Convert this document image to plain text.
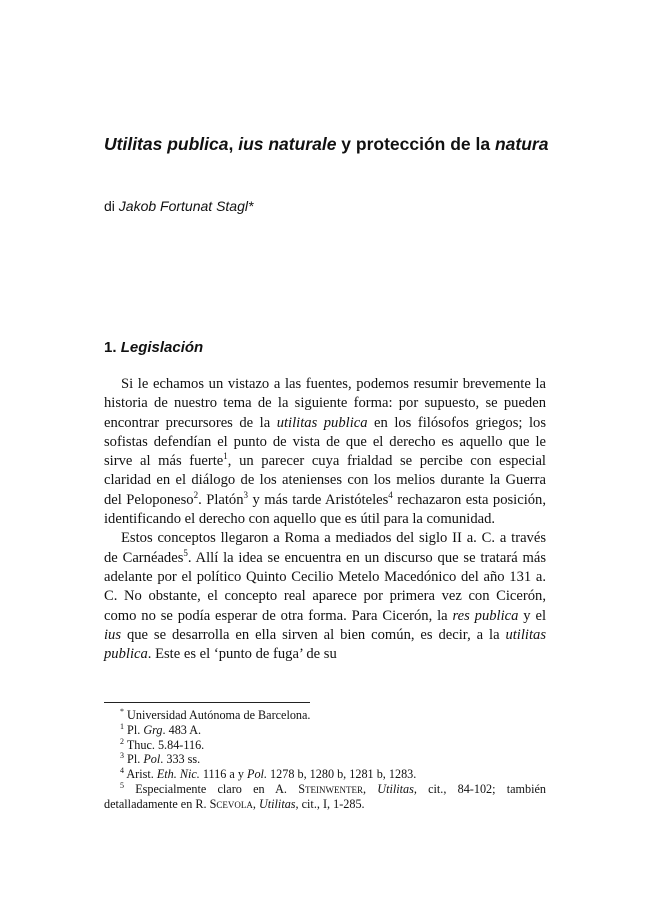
Utilitas publica, ius naturale y protección de la natura

di Jakob Fortunat Stagl*

1. Legislación

Si le echamos un vistazo a las fuentes, podemos resumir brevemente la historia de nuestro tema de la siguiente forma: por supuesto, se pueden encontrar precursores de la utilitas publica en los filósofos griegos; los sofistas defendían el punto de vista de que el derecho es aquello que le sirve al más fuerte$^1$, un parecer cuya frialdad se percibe con especial claridad en el diálogo de los atenienses con los melios durante la Guerra del Peloponeso$^2$. Platón$^3$ y más tarde Aristóteles$^4$ rechazaron esta posición, identificando el derecho con aquello que es útil para la comunidad.

Estos conceptos llegaron a Roma a mediados del siglo II a. C. a través de Carnéades$^5$. Allí la idea se encuentra en un discurso que se tratará más adelante por el político Quinto Cecilio Metelo Macedónico del año 131 a. C. No obstante, el concepto real aparece por primera vez con Cicerón, como no se podía esperar de otra forma. Para Cicerón, la res publica y el ius que se desarrolla en ella sirven al bien común, es decir, a la utilitas publica. Este es el ‘punto de fuga’ de su

* Universidad Autónoma de Barcelona.

$^1$ Pl. Grg. 483 A.

$^2$ Thuc. 5.84-116.

$^3$ Pl. Pol. 333 ss.

$^4$ Arist. Eth. Nic. 1116 a y Pol. 1278 b, 1280 b, 1281 b, 1283.

$^5$ Especialmente claro en A. Steinwenter, Utilitas, cit., 84-102; también detalladamente en R. Scevola, Utilitas, cit., I, 1-285.
